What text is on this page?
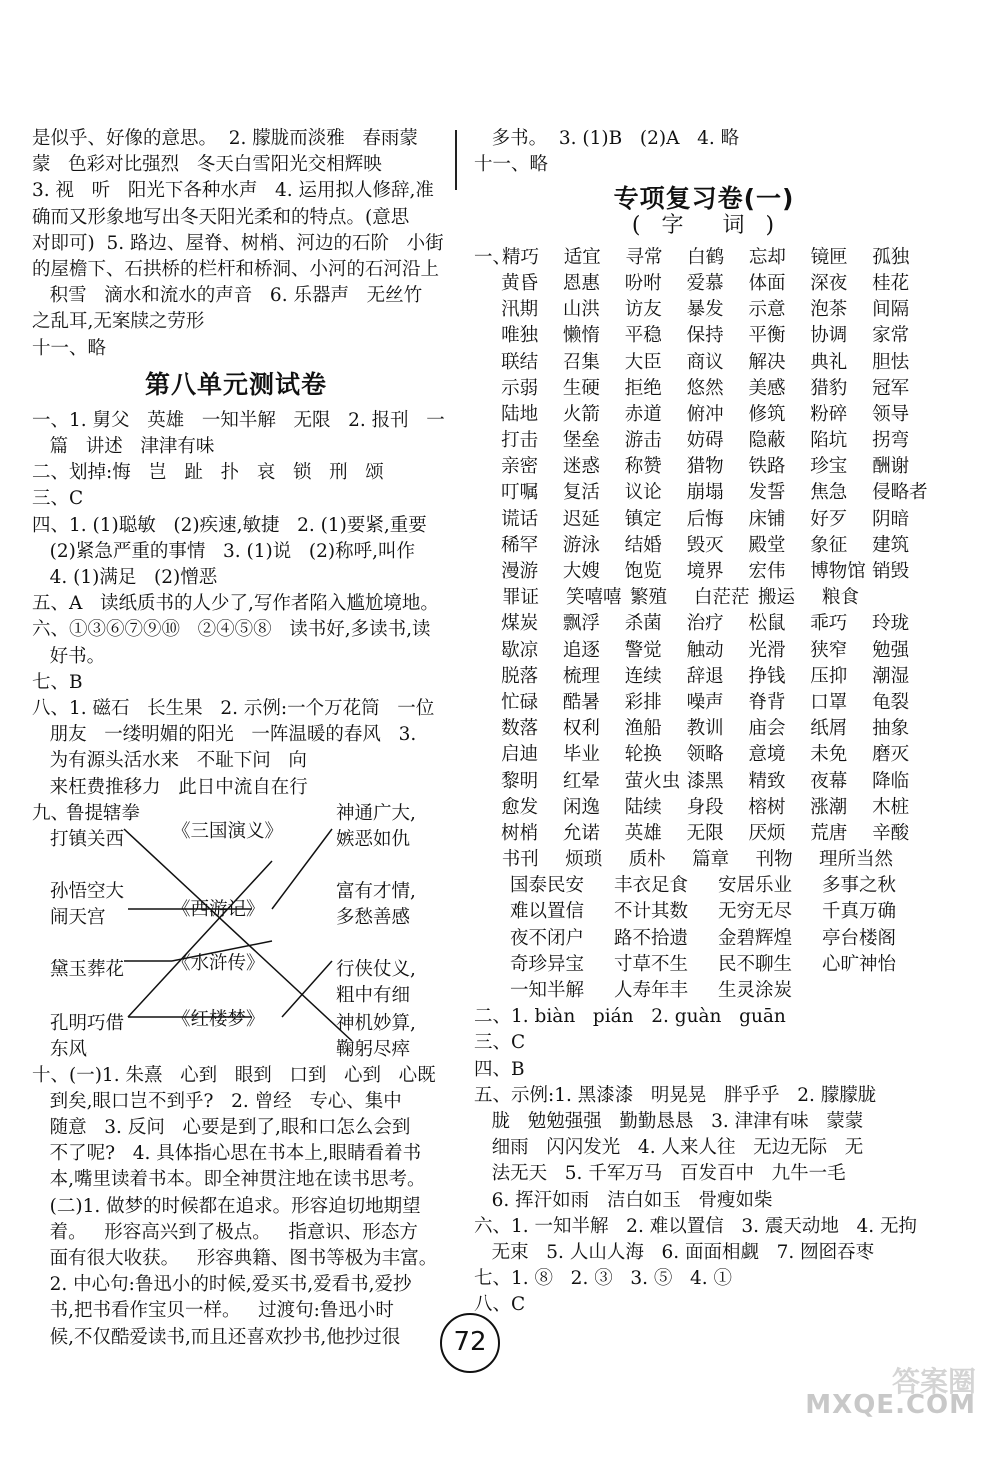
是似乎、好像的意思。  2. 朦胧而淡雅   春雨蒙
蒙   色彩对比强烈   冬天白雪阳光交相辉映
3. 视   听   阳光下各种水声   4. 运用拟人修辞,准
确而又形象地写出冬天阳光柔和的特点。(意思
对即可)  5. 路边、屋脊、树梢、河边的石阶   小街
的屋檐下、石拱桥的栏杆和桥洞、小河的石河沿上
积雪   滴水和流水的声音   6. 乐器声   无丝竹
之乱耳,无案牍之劳形
十一、略
第八单元测试卷
一、1. 舅父   英雄   一知半解   无限   2. 报刊   一
篇   讲述   津津有味
二、划掉:悔   岂   趾   扑   哀   锁   刑   颂
三、C
四、1. (1)聪敏   (2)疾速,敏捷   2. (1)要紧,重要
(2)紧急严重的事情   3. (1)说   (2)称呼,叫作
4. (1)满足   (2)憎恶
五、A   读纸质书的人少了,写作者陷入尴尬境地。
六、①③⑥⑦⑨⑩   ②④⑤⑧   读书好,多读书,读
好书。
七、B
八、1. 磁石   长生果   2. 示例:一个万花筒   一位
朋友   一缕明媚的阳光   一阵温暖的春风   3.
为有源头活水来   不耻下问   向
来枉费推移力   此日中流自在行
九、
鲁提辖拳
打镇关西
孙悟空大
闹天宫
黛玉葬花
孔明巧借
东风
《三国演义》
《西游记》
《水浒传》
《红楼梦》
神通广大,
嫉恶如仇
富有才情,
多愁善感
行侠仗义,
粗中有细
神机妙算,
鞠躬尽瘁
十、(一)1. 朱熹   心到   眼到   口到   心到   心既
到矣,眼口岂不到乎?   2. 曾经   专心、集中
随意   3. 反问   心要是到了,眼和口怎么会到
不了呢?   4. 具体指心思在书本上,眼睛看着书
本,嘴里读着书本。即全神贯注地在读书思考。
(二)1. 做梦的时候都在追求。形容迫切地期望
着。   形容高兴到了极点。   指意识、形态方
面有很大收获。   形容典籍、图书等极为丰富。
2. 中心句:鲁迅小的时候,爱买书,爱看书,爱抄
书,把书看作宝贝一样。   过渡句:鲁迅小时
候,不仅酷爱读书,而且还喜欢抄书,他抄过很
多书。  3. (1)B   (2)A   4. 略
十一、略
专项复习卷(一)
( 字 词 )
一、
精巧	适宜	寻常	白鹤	忘却	镜匣	孤独
黄昏	恩惠	吩咐	爱慕	体面	深夜	桂花
汛期	山洪	访友	暴发	示意	泡茶	间隔
唯独	懒惰	平稳	保持	平衡	协调	家常
联结	召集	大臣	商议	解决	典礼	胆怯
示弱	生硬	拒绝	悠然	美感	猎豹	冠军
陆地	火箭	赤道	俯冲	修筑	粉碎	领导
打击	堡垒	游击	妨碍	隐蔽	陷坑	拐弯
亲密	迷惑	称赞	猎物	铁路	珍宝	酬谢
叮嘱	复活	议论	崩塌	发誓	焦急	侵略者
谎话	迟延	镇定	后悔	床铺	好歹	阴暗
稀罕	游泳	结婚	毁灭	殿堂	象征	建筑
漫游	大嫂	饱览	境界	宏伟	博物馆 销毁
罪证	笑嘻嘻 繁殖	白茫茫 搬运	粮食
煤炭	飘浮	杀菌	治疗	松鼠	乖巧	玲珑
歇凉	追逐	警觉	触动	光滑	狭窄	勉强
脱落	梳理	连续	辞退	挣钱	压抑	潮湿
忙碌	酷暑	彩排	噪声	脊背	口罩	龟裂
数落	权利	渔船	教训	庙会	纸屑	抽象
启迪	毕业	轮换	领略	意境	未免	磨灭
黎明	红晕	萤火虫 漆黑	精致	夜幕	降临
愈发	闲逸	陆续	身段	榕树	涨潮	木桩
树梢	允诺	英雄	无限	厌烦	荒唐	辛酸
书刊	烦琐	质朴	篇章	刊物	理所当然
国泰民安	丰衣足食	安居乐业	多事之秋
难以置信	不计其数	无穷无尽	千真万确
夜不闭户	路不拾遗	金碧辉煌	亭台楼阁
奇珍异宝	寸草不生	民不聊生	心旷神怡
一知半解	人寿年丰	生灵涂炭
二、1. biàn   pián   2. guàn   guān
三、C
四、B
五、示例:1. 黑漆漆   明晃晃   胖乎乎   2. 朦朦胧
胧   勉勉强强   勤勤恳恳   3. 津津有味   蒙蒙
细雨   闪闪发光   4. 人来人往   无边无际   无
法无天   5. 千军万马   百发百中   九牛一毛
6. 挥汗如雨   洁白如玉   骨瘦如柴
六、1. 一知半解   2. 难以置信   3. 震天动地   4. 无拘
无束   5. 人山人海   6. 面面相觑   7. 囫囵吞枣
七、1. ⑧   2. ③   3. ⑤   4. ①
八、C
72
答案圈
MXQE.COM
